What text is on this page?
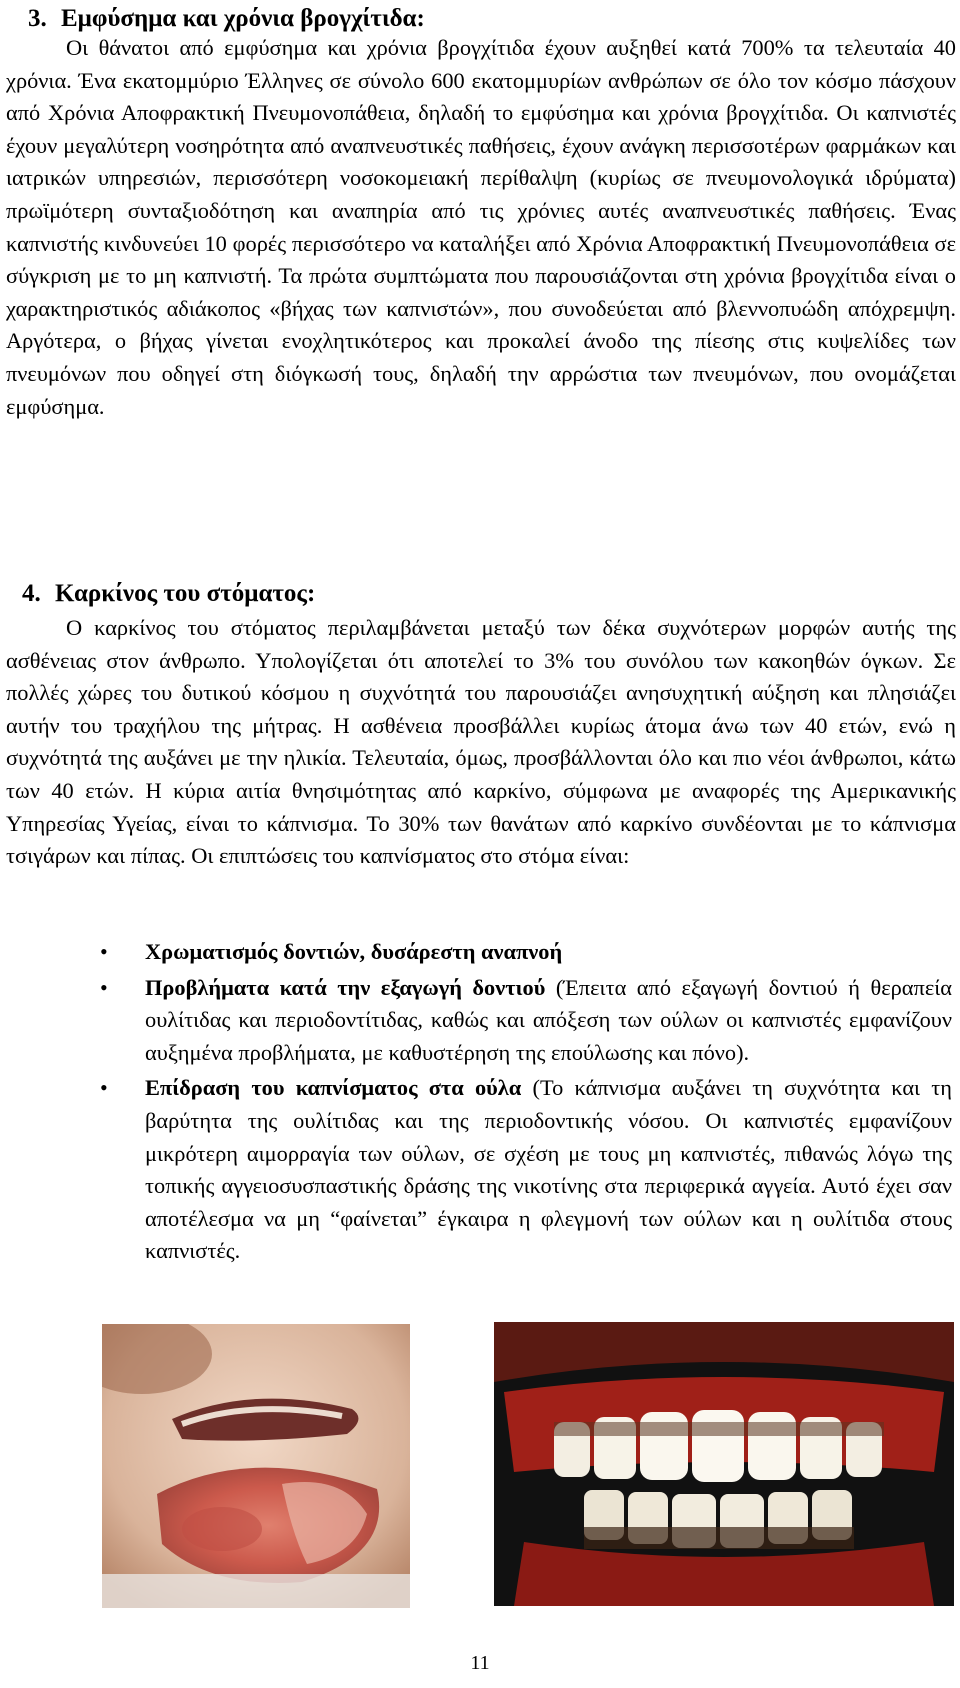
3. Εμφύσημα και χρόνια βρογχίτιδα:

Οι θάνατοι από εμφύσημα και χρόνια βρογχίτιδα έχουν αυξηθεί κατά 700% τα τελευταία 40 χρόνια. Ένα εκατομμύριο Έλληνες σε σύνολο 600 εκατομμυρίων ανθρώπων σε όλο τον κόσμο πάσχουν από Χρόνια Αποφρακτική Πνευμονοπάθεια, δηλαδή το εμφύσημα και χρόνια βρογχίτιδα. Οι καπνιστές έχουν μεγαλύτερη νοσηρότητα από αναπνευστικές παθήσεις, έχουν ανάγκη περισσοτέρων φαρμάκων και ιατρικών υπηρεσιών, περισσότερη νοσοκομειακή περίθαλψη (κυρίως σε πνευμονολογικά ιδρύματα) πρωϊμότερη συνταξιοδότηση και αναπηρία από τις χρόνιες αυτές αναπνευστικές παθήσεις. Ένας καπνιστής κινδυνεύει 10 φορές περισσότερο να καταλήξει από Χρόνια Αποφρακτική Πνευμονοπάθεια σε σύγκριση με το μη καπνιστή. Τα πρώτα συμπτώματα που παρουσιάζονται στη χρόνια βρογχίτιδα είναι ο χαρακτηριστικός αδιάκοπος «βήχας των καπνιστών», που συνοδεύεται από βλεννοπυώδη απόχρεμψη. Αργότερα, ο βήχας γίνεται ενοχλητικότερος και προκαλεί άνοδο της πίεσης στις κυψελίδες των πνευμόνων που οδηγεί στη διόγκωσή τους, δηλαδή την αρρώστια των πνευμόνων, που ονομάζεται εμφύσημα.

4. Καρκίνος του στόματος:

Ο καρκίνος του στόματος περιλαμβάνεται μεταξύ των δέκα συχνότερων μορφών αυτής της ασθένειας στον άνθρωπο. Υπολογίζεται ότι αποτελεί το 3% του συνόλου των κακοηθών όγκων. Σε πολλές χώρες του δυτικού κόσμου η συχνότητά του παρουσιάζει ανησυχητική αύξηση και πλησιάζει αυτήν του τραχήλου της μήτρας. Η ασθένεια προσβάλλει κυρίως άτομα άνω των 40 ετών, ενώ η συχνότητά της αυξάνει με την ηλικία. Τελευταία, όμως, προσβάλλονται όλο και πιο νέοι άνθρωποι, κάτω των 40 ετών. Η κύρια αιτία θνησιμότητας από καρκίνο, σύμφωνα με αναφορές της Αμερικανικής Υπηρεσίας Υγείας, είναι το κάπνισμα. Το 30% των θανάτων από καρκίνο συνδέονται με το κάπνισμα τσιγάρων και πίπας. Οι επιπτώσεις του καπνίσματος στο στόμα είναι:

• Χρωματισμός δοντιών, δυσάρεστη αναπνοή
• Προβλήματα κατά την εξαγωγή δοντιού (Έπειτα από εξαγωγή δοντιού ή θεραπεία ουλίτιδας και περιοδοντίτιδας, καθώς και απόξεση των ούλων οι καπνιστές εμφανίζουν αυξημένα προβλήματα, με καθυστέρηση της επούλωσης και πόνο).
• Επίδραση του καπνίσματος στα ούλα (Το κάπνισμα αυξάνει τη συχνότητα και τη βαρύτητα της ουλίτιδας και της περιοδοντικής νόσου. Οι καπνιστές εμφανίζουν μικρότερη αιμορραγία των ούλων, σε σχέση με τους μη καπνιστές, πιθανώς λόγω της τοπικής αγγειοσυσπαστικής δράσης της νικοτίνης στα περιφερικά αγγεία. Αυτό έχει σαν αποτέλεσμα να μη “φαίνεται” έγκαιρα η φλεγμονή των ούλων και η ουλίτιδα στους καπνιστές.
11
